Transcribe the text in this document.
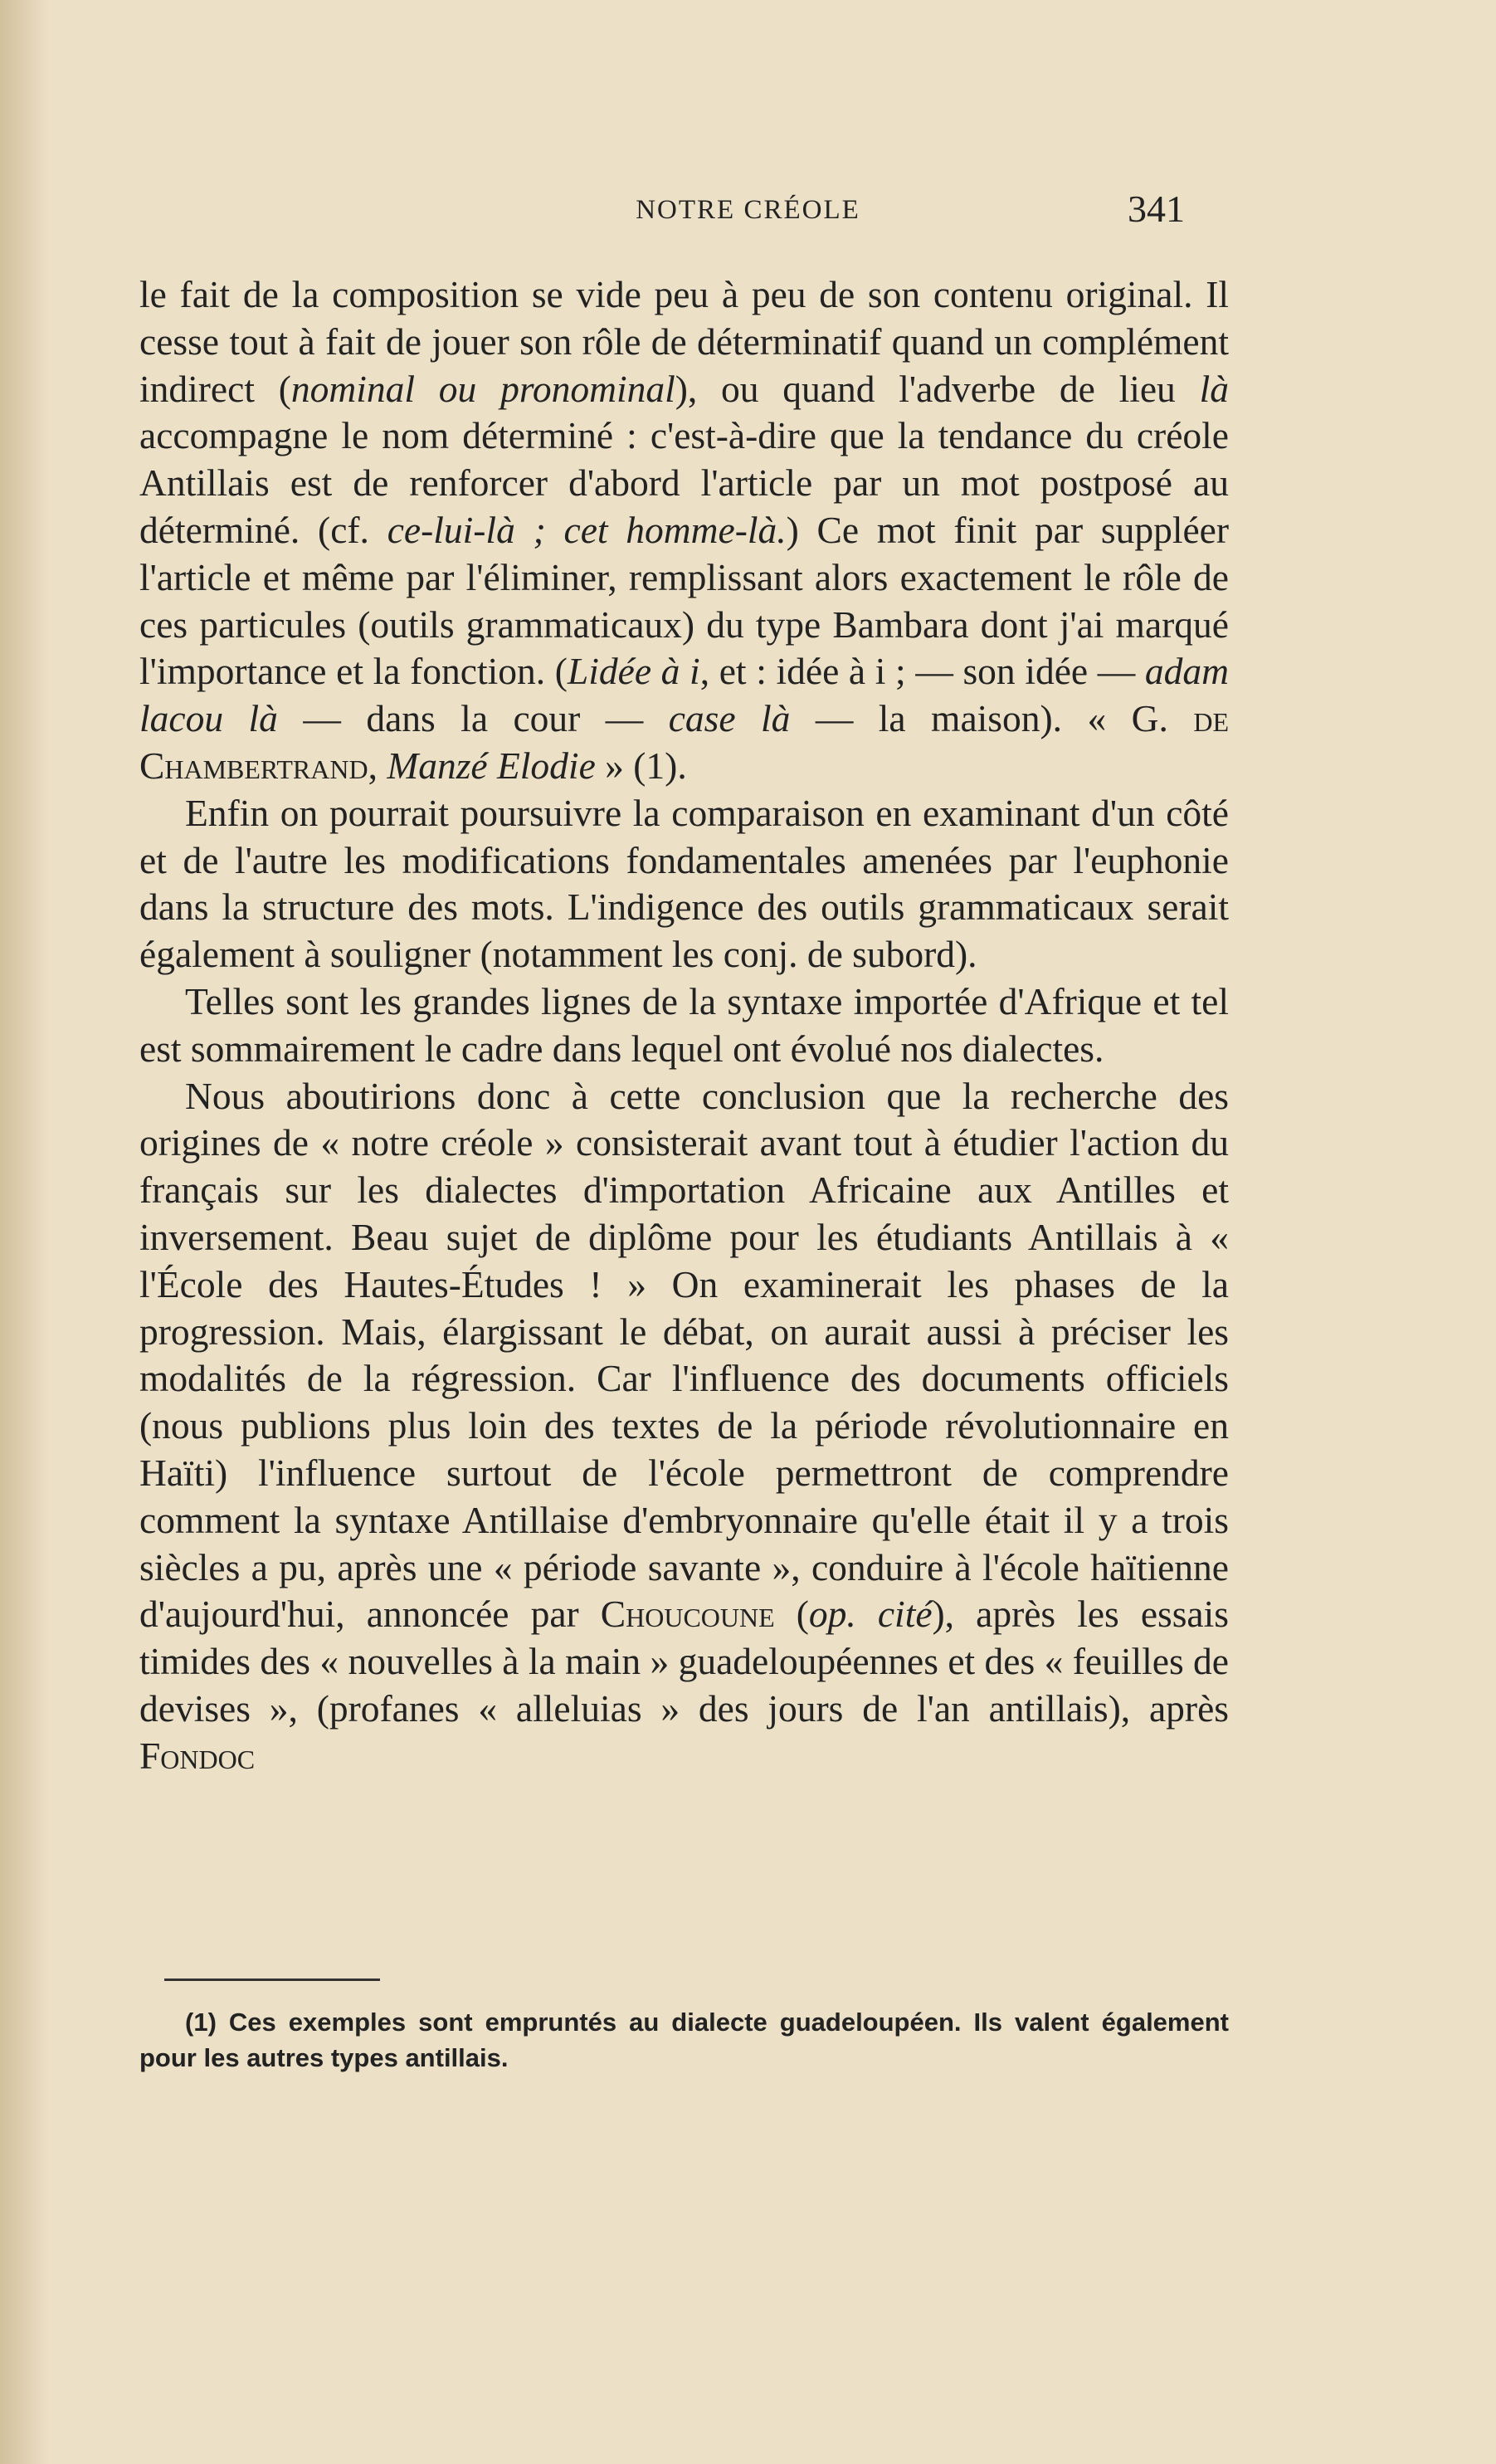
NOTRE CRÉOLE	341

le fait de la composition se vide peu à peu de son contenu original. Il cesse tout à fait de jouer son rôle de déterminatif quand un complément indirect (nominal ou pronominal), ou quand l'adverbe de lieu là accompagne le nom déterminé : c'est-à-dire que la tendance du créole Antillais est de renforcer d'abord l'article par un mot postposé au déterminé. (cf. ce-lui-là ; cet homme-là.) Ce mot finit par suppléer l'article et même par l'éliminer, remplissant alors exactement le rôle de ces particules (outils grammaticaux) du type Bambara dont j'ai marqué l'importance et la fonction. (Lidée à i, et : idée à i ; — son idée — adam lacou là — dans la cour — case là — la maison). « G. de Chambertrand, Manzé Elodie » (1).

Enfin on pourrait poursuivre la comparaison en examinant d'un côté et de l'autre les modifications fondamentales amenées par l'euphonie dans la structure des mots. L'indigence des outils grammaticaux serait également à souligner (notamment les conj. de subord).

Telles sont les grandes lignes de la syntaxe importée d'Afrique et tel est sommairement le cadre dans lequel ont évolué nos dialectes.

Nous aboutirions donc à cette conclusion que la recherche des origines de « notre créole » consisterait avant tout à étudier l'action du français sur les dialectes d'importation Africaine aux Antilles et inversement. Beau sujet de diplôme pour les étudiants Antillais à « l'École des Hautes-Études ! » On examinerait les phases de la progression. Mais, élargissant le débat, on aurait aussi à préciser les modalités de la régression. Car l'influence des documents officiels (nous publions plus loin des textes de la période révolutionnaire en Haïti) l'influence surtout de l'école permettront de comprendre comment la syntaxe Antillaise d'embryonnaire qu'elle était il y a trois siècles a pu, après une « période savante », conduire à l'école haïtienne d'aujourd'hui, annoncée par Choucoune (op. cité), après les essais timides des « nouvelles à la main » guadeloupéennes et des « feuilles de devises », (profanes « alleluias » des jours de l'an antillais), après Fondoc

(1) Ces exemples sont empruntés au dialecte guadeloupéen. Ils valent également pour les autres types antillais.
